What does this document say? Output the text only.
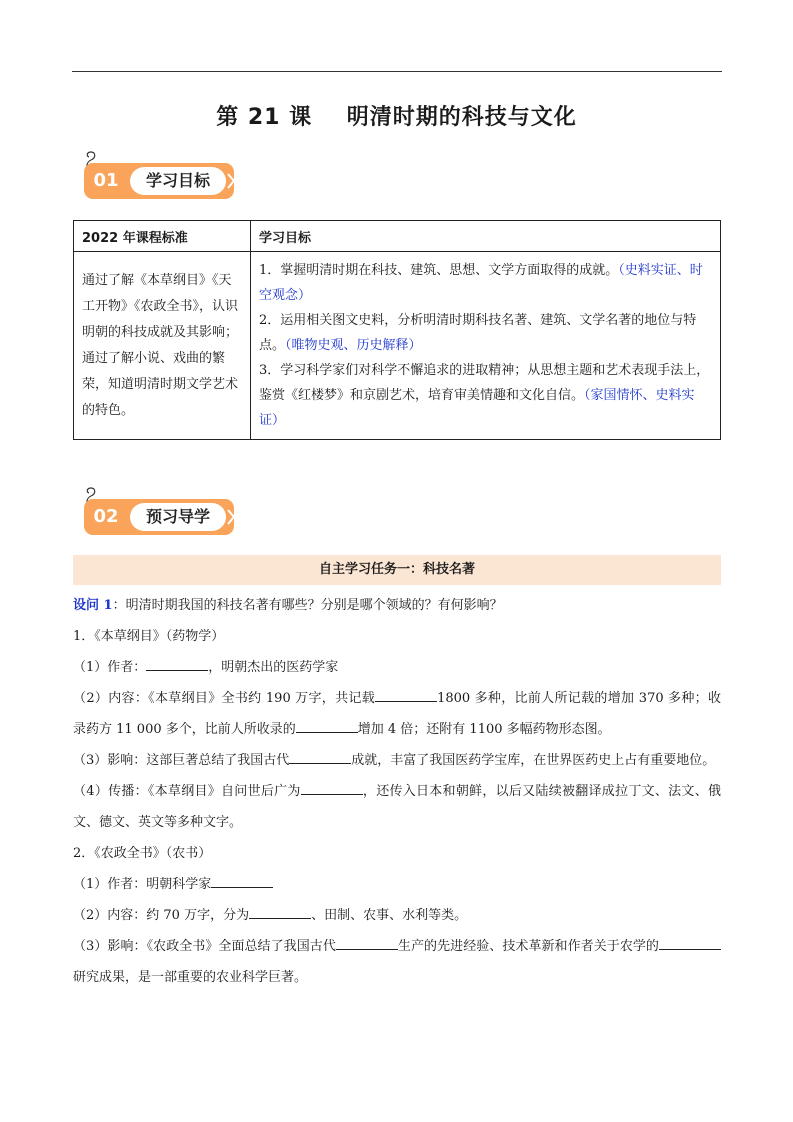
第 21 课    明清时期的科技与文化
01	学习目标
2022 年课程标准	学习目标
通过了解《本草纲目》《天工开物》《农政全书》，认识明朝的科技成就及其影响；通过了解小说、戏曲的繁荣，知道明清时期文学艺术的特色。	1．掌握明清时期在科技、建筑、思想、文学方面取得的成就。（史料实证、时空观念）
2．运用相关图文史料，分析明清时期科技名著、建筑、文学名著的地位与特点。（唯物史观、历史解释）
3．学习科学家们对科学不懈追求的进取精神；从思想主题和艺术表现手法上，鉴赏《红楼梦》和京剧艺术，培育审美情趣和文化自信。（家国情怀、史料实证）
02	预习导学
自主学习任务一：科技名著

设问 1：明清时期我国的科技名著有哪些？分别是哪个领域的？有何影响？

1．《本草纲目》（药物学）

（1）作者：	，明朝杰出的医药学家

（2）内容：《本草纲目》全书约 190 万字，共记载	1800 多种，比前人所记载的增加 370 多种；收录药方 11 000 多个，比前人所收录的	增加 4 倍；还附有 1100 多幅药物形态图。

（3）影响：这部巨著总结了我国古代	成就，丰富了我国医药学宝库，在世界医药史上占有重要地位。

（4）传播：《本草纲目》自问世后广为	，还传入日本和朝鲜，以后又陆续被翻译成拉丁文、法文、俄文、德文、英文等多种文字。

2．《农政全书》（农书）

（1）作者：明朝科学家

（2）内容：约 70 万字，分为	、田制、农事、水利等类。

（3）影响：《农政全书》全面总结了我国古代	生产的先进经验、技术革新和作者关于农学的研究成果，是一部重要的农业科学巨著。
